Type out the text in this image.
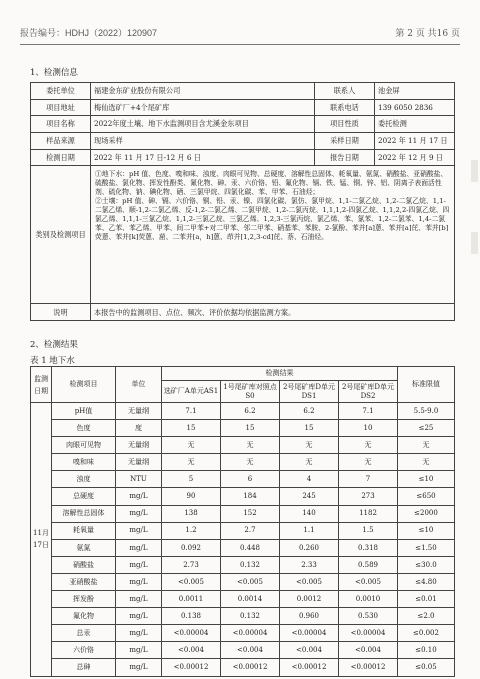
报告编号：HDHJ（2022）120907	第 2 页 共16 页
1、检测信息
委托单位	福建金东矿业股份有限公司	联系人	池金屏
项目地址	梅仙选矿厂+4个尾矿库	联系电话	139 6050 2836
项目名称	2022年度土壤、地下水监测项目含尤溪金东项目	项目性质	委托检测
样品来源	现场采样	采样日期	2022 年 11 月 17 日
检测日期	2022 年 11 月 17 日-12 月 6 日	报告日期	2022 年 12 月 9 日
类别及检测项目	①地下水：pH 值、色度、嗅和味、浊度、肉眼可见物、总硬度、溶解性总固体、耗氧量、氨氮、硝酸盐、亚硝酸盐、硫酸盐、氯化物、挥发性酚类、氰化物、砷、汞、六价铬、铅、氟化物、镉、铁、锰、铜、锌、铝、阴离子表面活性剂、硫化物、钠、碘化物、硒、三氯甲烷、四氯化碳、苯、甲苯、石油烃；
②土壤：pH 值、砷、镉、六价铬、铜、铅、汞、镍、四氯化碳、氯仿、氯甲烷、1,1-二氯乙烷、1,2-二氯乙烷、1,1-二氯乙烯、顺-1,2-二氯乙烯、反-1,2-二氯乙烯、二氯甲烷、1,2-二氯丙烷、1,1,1,2-四氯乙烷、1,1,2,2-四氯乙烷、四氯乙烯、1,1,1-三氯乙烷、1,1,2-三氯乙烷、三氯乙烯、1,2,3-三氯丙烷、氯乙烯、苯、氯苯、1,2-二氯苯、1,4-二氯苯、乙苯、苯乙烯、甲苯、间二甲苯+对二甲苯、邻二甲苯、硝基苯、苯胺、2-氯酚、苯并[a]蒽、苯并[a]芘、苯并[b]荧蒽、苯并[k]荧蒽、䓛、二苯并[a，h]蒽、茚并[1,2,3-cd]芘、萘、石油烃。		

说明	本报告中的监测项目、点位、频次、评价依据均依据监测方案。		
2、检测结果
表 1 地下水
监测日期	检测项目	单位	检测结果				标准限值
			选矿厂A单元AS1	1号尾矿库对照点S0	2号尾矿库D单元DS1	2号尾矿库D单元DS2	
11月17日	pH值	无量纲	7.1	6.2	6.2	7.1	5.5-9.0
	色度	度	15	15	15	10	≤25
	肉眼可见物	无量纲	无	无	无	无	无
	嗅和味	无量纲	无	无	无	无	无
	浊度	NTU	5	6	4	7	≤10
	总硬度	mg/L	90	184	245	273	≤650
	溶解性总固体	mg/L	138	152	140	1182	≤2000
	耗氧量	mg/L	1.2	2.7	1.1	1.5	≤10
	氨氮	mg/L	0.092	0.448	0.260	0.318	≤1.50
	硝酸盐	mg/L	2.73	0.132	2.33	0.589	≤30.0
	亚硝酸盐	mg/L	<0.005	<0.005	<0.005	<0.005	≤4.80
	挥发酚	mg/L	0.0011	0.0014	0.0012	0.0010	≤0.01
	氟化物	mg/L	0.138	0.132	0.960	0.530	≤2.0
	总汞	mg/L	<0.00004	<0.00004	<0.00004	<0.00004	≤0.002
	六价铬	mg/L	<0.004	<0.004	<0.004	<0.004	≤0.10
	总砷	mg/L	<0.00012	<0.00012	<0.00012	<0.00012	≤0.05
